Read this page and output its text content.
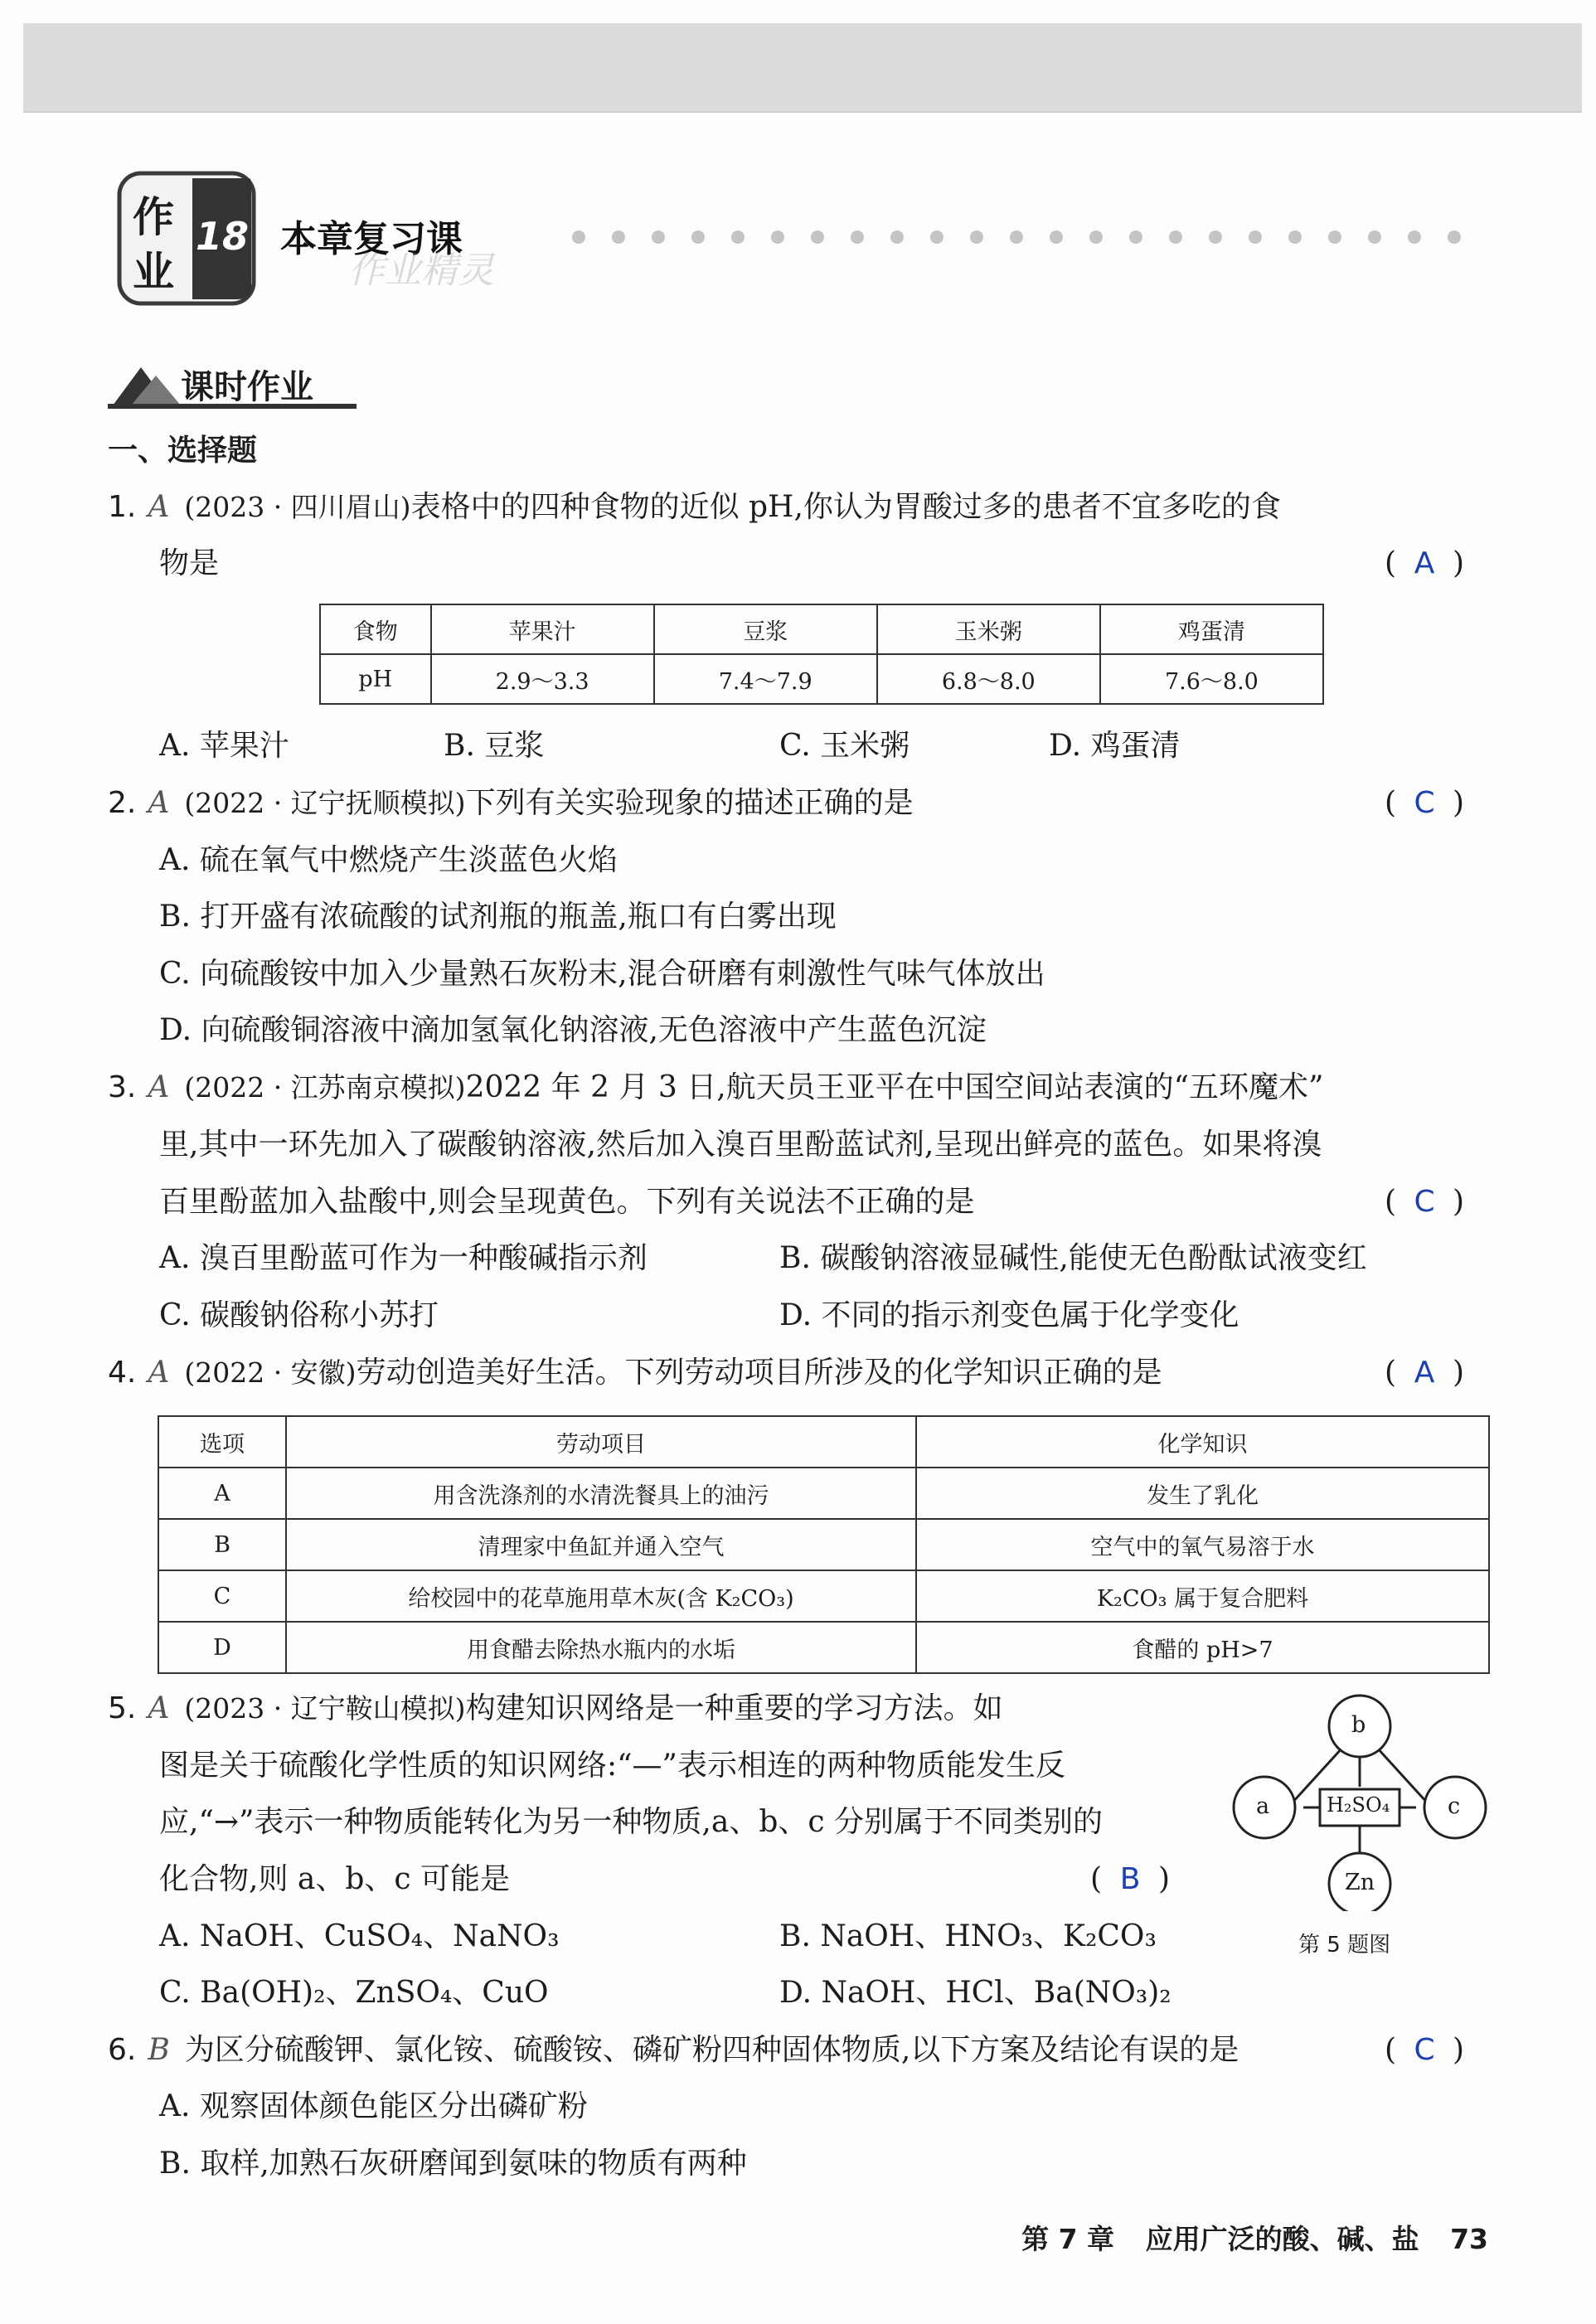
作
业
18 本章复习课
作业精灵
课时作业
一、选择题
1. A (2023 · 四川眉山)表格中的四种食物的近似 pH,你认为胃酸过多的患者不宜多吃的食
物是	( A )
食物	苹果汁	豆浆	玉米粥	鸡蛋清
pH	2.9～3.3	7.4～7.9	6.8～8.0	7.6～8.0
A. 苹果汁	B. 豆浆	C. 玉米粥	D. 鸡蛋清
2. A (2022 · 辽宁抚顺模拟)下列有关实验现象的描述正确的是	( C )
A. 硫在氧气中燃烧产生淡蓝色火焰
B. 打开盛有浓硫酸的试剂瓶的瓶盖,瓶口有白雾出现
C. 向硫酸铵中加入少量熟石灰粉末,混合研磨有刺激性气味气体放出
D. 向硫酸铜溶液中滴加氢氧化钠溶液,无色溶液中产生蓝色沉淀
3. A (2022 · 江苏南京模拟)2022 年 2 月 3 日,航天员王亚平在中国空间站表演的“五环魔术”
里,其中一环先加入了碳酸钠溶液,然后加入溴百里酚蓝试剂,呈现出鲜亮的蓝色。如果将溴
百里酚蓝加入盐酸中,则会呈现黄色。下列有关说法不正确的是	( C )
A. 溴百里酚蓝可作为一种酸碱指示剂	B. 碳酸钠溶液显碱性,能使无色酚酞试液变红
C. 碳酸钠俗称小苏打	D. 不同的指示剂变色属于化学变化
4. A (2022 · 安徽)劳动创造美好生活。下列劳动项目所涉及的化学知识正确的是	( A )
选项	劳动项目	化学知识
A	用含洗涤剂的水清洗餐具上的油污	发生了乳化
B	清理家中鱼缸并通入空气	空气中的氧气易溶于水
C	给校园中的花草施用草木灰(含 K₂CO₃)	K₂CO₃ 属于复合肥料
D	用食醋去除热水瓶内的水垢	食醋的 pH>7
5. A (2023 · 辽宁鞍山模拟)构建知识网络是一种重要的学习方法。如
图是关于硫酸化学性质的知识网络:“—”表示相连的两种物质能发生反
应,“→”表示一种物质能转化为另一种物质,a、b、c 分别属于不同类别的
化合物,则 a、b、c 可能是	( B )
A. NaOH、CuSO₄、NaNO₃	B. NaOH、HNO₃、K₂CO₃
C. Ba(OH)₂、ZnSO₄、CuO	D. NaOH、HCl、Ba(NO₃)₂
b
a	c
H₂SO₄
Zn
第 5 题图
6. B 为区分硫酸钾、氯化铵、硫酸铵、磷矿粉四种固体物质,以下方案及结论有误的是	( C )
A. 观察固体颜色能区分出磷矿粉
B. 取样,加熟石灰研磨闻到氨味的物质有两种
第 7 章 应用广泛的酸、碱、盐 73
